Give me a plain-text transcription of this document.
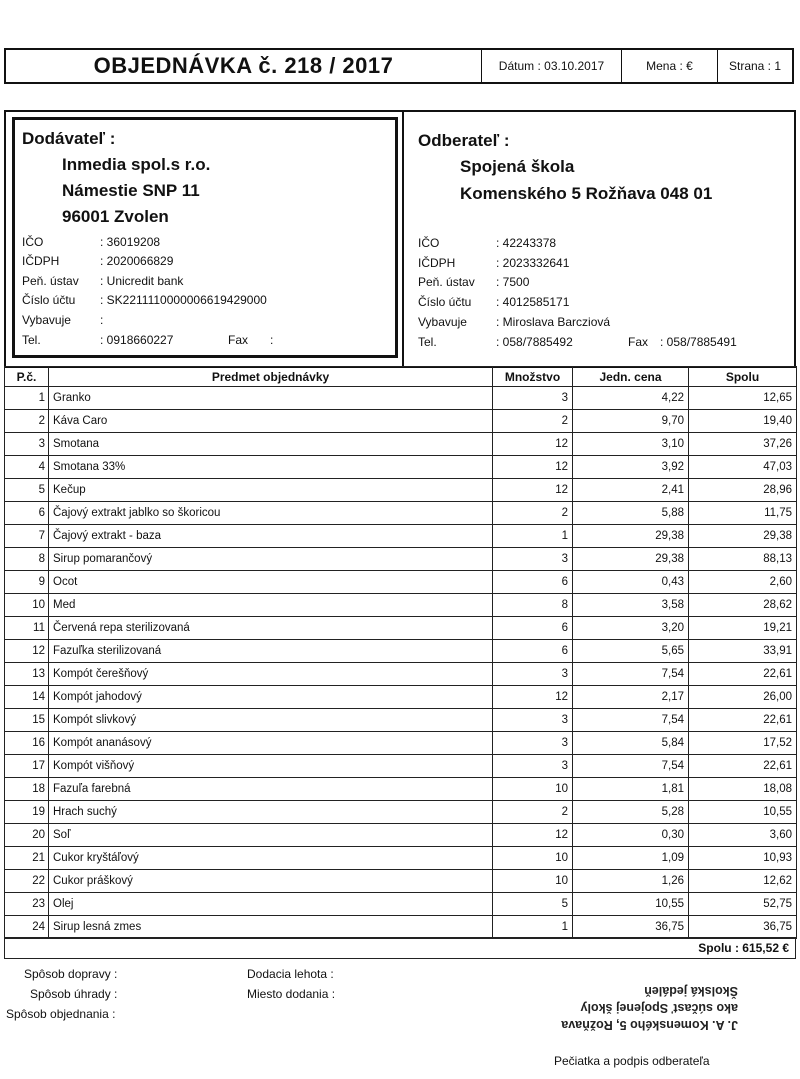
OBJEDNÁVKA č. 218 / 2017	Dátum : 03.10.2017	Mena : €	Strana : 1
Dodávateľ :
Inmedia spol.s r.o.
Námestie SNP 11
96001 Zvolen
IČO	: 36019208
IČDPH	: 2020066829
Peň. ústav : Unicredit bank
Číslo účtu : SK2211110000006619429000
Vybavuje :
Tel.	: 0918660227	Fax :
Odberateľ :
Spojená škola
Komenského 5 Rožňava 048 01
IČO	: 42243378
IČDPH	: 2023332641
Peň. ústav : 7500
Číslo účtu : 4012585171
Vybavuje : Miroslava Barcziová
Tel.	: 058/7885492	Fax : 058/7885491
P.č.	Predmet objednávky	Množstvo	Jedn. cena	Spolu
1	Granko	3	4,22	12,65
2	Káva Caro	2	9,70	19,40
3	Smotana	12	3,10	37,26
4	Smotana 33%	12	3,92	47,03
5	Kečup	12	2,41	28,96
6	Čajový extrakt jablko so škoricou	2	5,88	11,75
7	Čajový extrakt - baza	1	29,38	29,38
8	Sirup pomarančový	3	29,38	88,13
9	Ocot	6	0,43	2,60
10	Med	8	3,58	28,62
11	Červená repa sterilizovaná	6	3,20	19,21
12	Fazuľka sterilizovaná	6	5,65	33,91
13	Kompót čerešňový	3	7,54	22,61
14	Kompót jahodový	12	2,17	26,00
15	Kompót slivkový	3	7,54	22,61
16	Kompót ananásový	3	5,84	17,52
17	Kompót višňový	3	7,54	22,61
18	Fazuľa farebná	10	1,81	18,08
19	Hrach suchý	2	5,28	10,55
20	Soľ	12	0,30	3,60
21	Cukor kryštáľový	10	1,09	10,93
22	Cukor práškový	10	1,26	12,62
23	Olej	5	10,55	52,75
24	Sirup lesná zmes	1	36,75	36,75
Spolu : 615,52 €
Spôsob dopravy :
Spôsob úhrady :
Spôsob objednania :
Dodacia lehota :
Miesto dodania :
J. A. Komenského 5, Rožňava
ako súčasť Spojenej školy
Školská jedáleň
Pečiatka a podpis odberateľa
